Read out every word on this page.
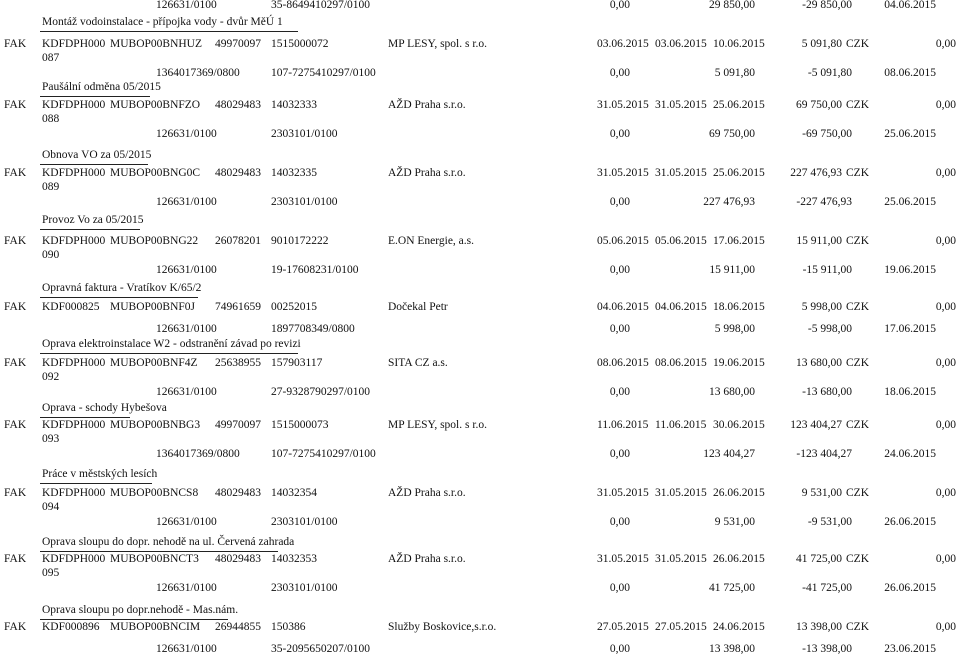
126631/0100	35-8649410297/0100	0,00	29 850,00	-29 850,00	04.06.2015
Montáž vodoinstalace - přípojka vody - dvůr MěÚ 1
FAK KDFDPH000 MUBOP00BNHUZ 49970097 1515000072	MP LESY, spol. s r.o.	03.06.2015 03.06.2015 10.06.2015	5 091,80 CZK	0,00
087
1364017369/0800	107-7275410297/0100	0,00	5 091,80	-5 091,80	08.06.2015
Paušální odměna 05/2015
FAK KDFDPH000 MUBOP00BNFZO 48029483 14032333	AŽD Praha s.r.o.	31.05.2015 31.05.2015 25.06.2015	69 750,00 CZK	0,00
088
126631/0100	2303101/0100	0,00	69 750,00	-69 750,00	25.06.2015
Obnova VO za 05/2015
FAK KDFDPH000 MUBOP00BNG0C 48029483 14032335	AŽD Praha s.r.o.	31.05.2015 31.05.2015 25.06.2015 227 476,93 CZK	0,00
089
126631/0100	2303101/0100	0,00	227 476,93	-227 476,93	25.06.2015
Provoz Vo za 05/2015
FAK KDFDPH000 MUBOP00BNG22 26078201 9010172222	E.ON Energie, a.s.	05.06.2015 05.06.2015 17.06.2015	15 911,00 CZK	0,00
090
126631/0100	19-17608231/0100	0,00	15 911,00	-15 911,00	19.06.2015
Opravná faktura - Vratíkov K/65/2
FAK KDF000825 MUBOP00BNF0J 74961659 00252015	Dočekal Petr	04.06.2015 04.06.2015 18.06.2015	5 998,00 CZK	0,00
126631/0100	1897708349/0800	0,00	5 998,00	-5 998,00	17.06.2015
Oprava elektroinstalace W2 - odstranění závad po revizi
FAK KDFDPH000 MUBOP00BNF4Z 25638955 157903117	SITA CZ a.s.	08.06.2015 08.06.2015 19.06.2015	13 680,00 CZK	0,00
092
126631/0100	27-9328790297/0100	0,00	13 680,00	-13 680,00	18.06.2015
Oprava - schody Hybešova
FAK KDFDPH000 MUBOP00BNBG3 49970097 1515000073	MP LESY, spol. s r.o.	11.06.2015 11.06.2015 30.06.2015 123 404,27 CZK	0,00
093
1364017369/0800	107-7275410297/0100	0,00	123 404,27	-123 404,27	24.06.2015
Práce v městských lesích
FAK KDFDPH000 MUBOP00BNCS8 48029483 14032354	AŽD Praha s.r.o.	31.05.2015 31.05.2015 26.06.2015	9 531,00 CZK	0,00
094
126631/0100	2303101/0100	0,00	9 531,00	-9 531,00	26.06.2015
Oprava sloupu do dopr. nehodě na ul. Červená zahrada
FAK KDFDPH000 MUBOP00BNCT3 48029483 14032353	AŽD Praha s.r.o.	31.05.2015 31.05.2015 26.06.2015	41 725,00 CZK	0,00
095
126631/0100	2303101/0100	0,00	41 725,00	-41 725,00	26.06.2015
Oprava sloupu po dopr.nehodě - Mas.nám.
FAK KDF000896 MUBOP00BNCIM 26944855 150386	Služby Boskovice,s.r.o.	27.05.2015 27.05.2015 24.06.2015	13 398,00 CZK	0,00
126631/0100	35-2095650207/0100	0,00	13 398,00	-13 398,00	23.06.2015
